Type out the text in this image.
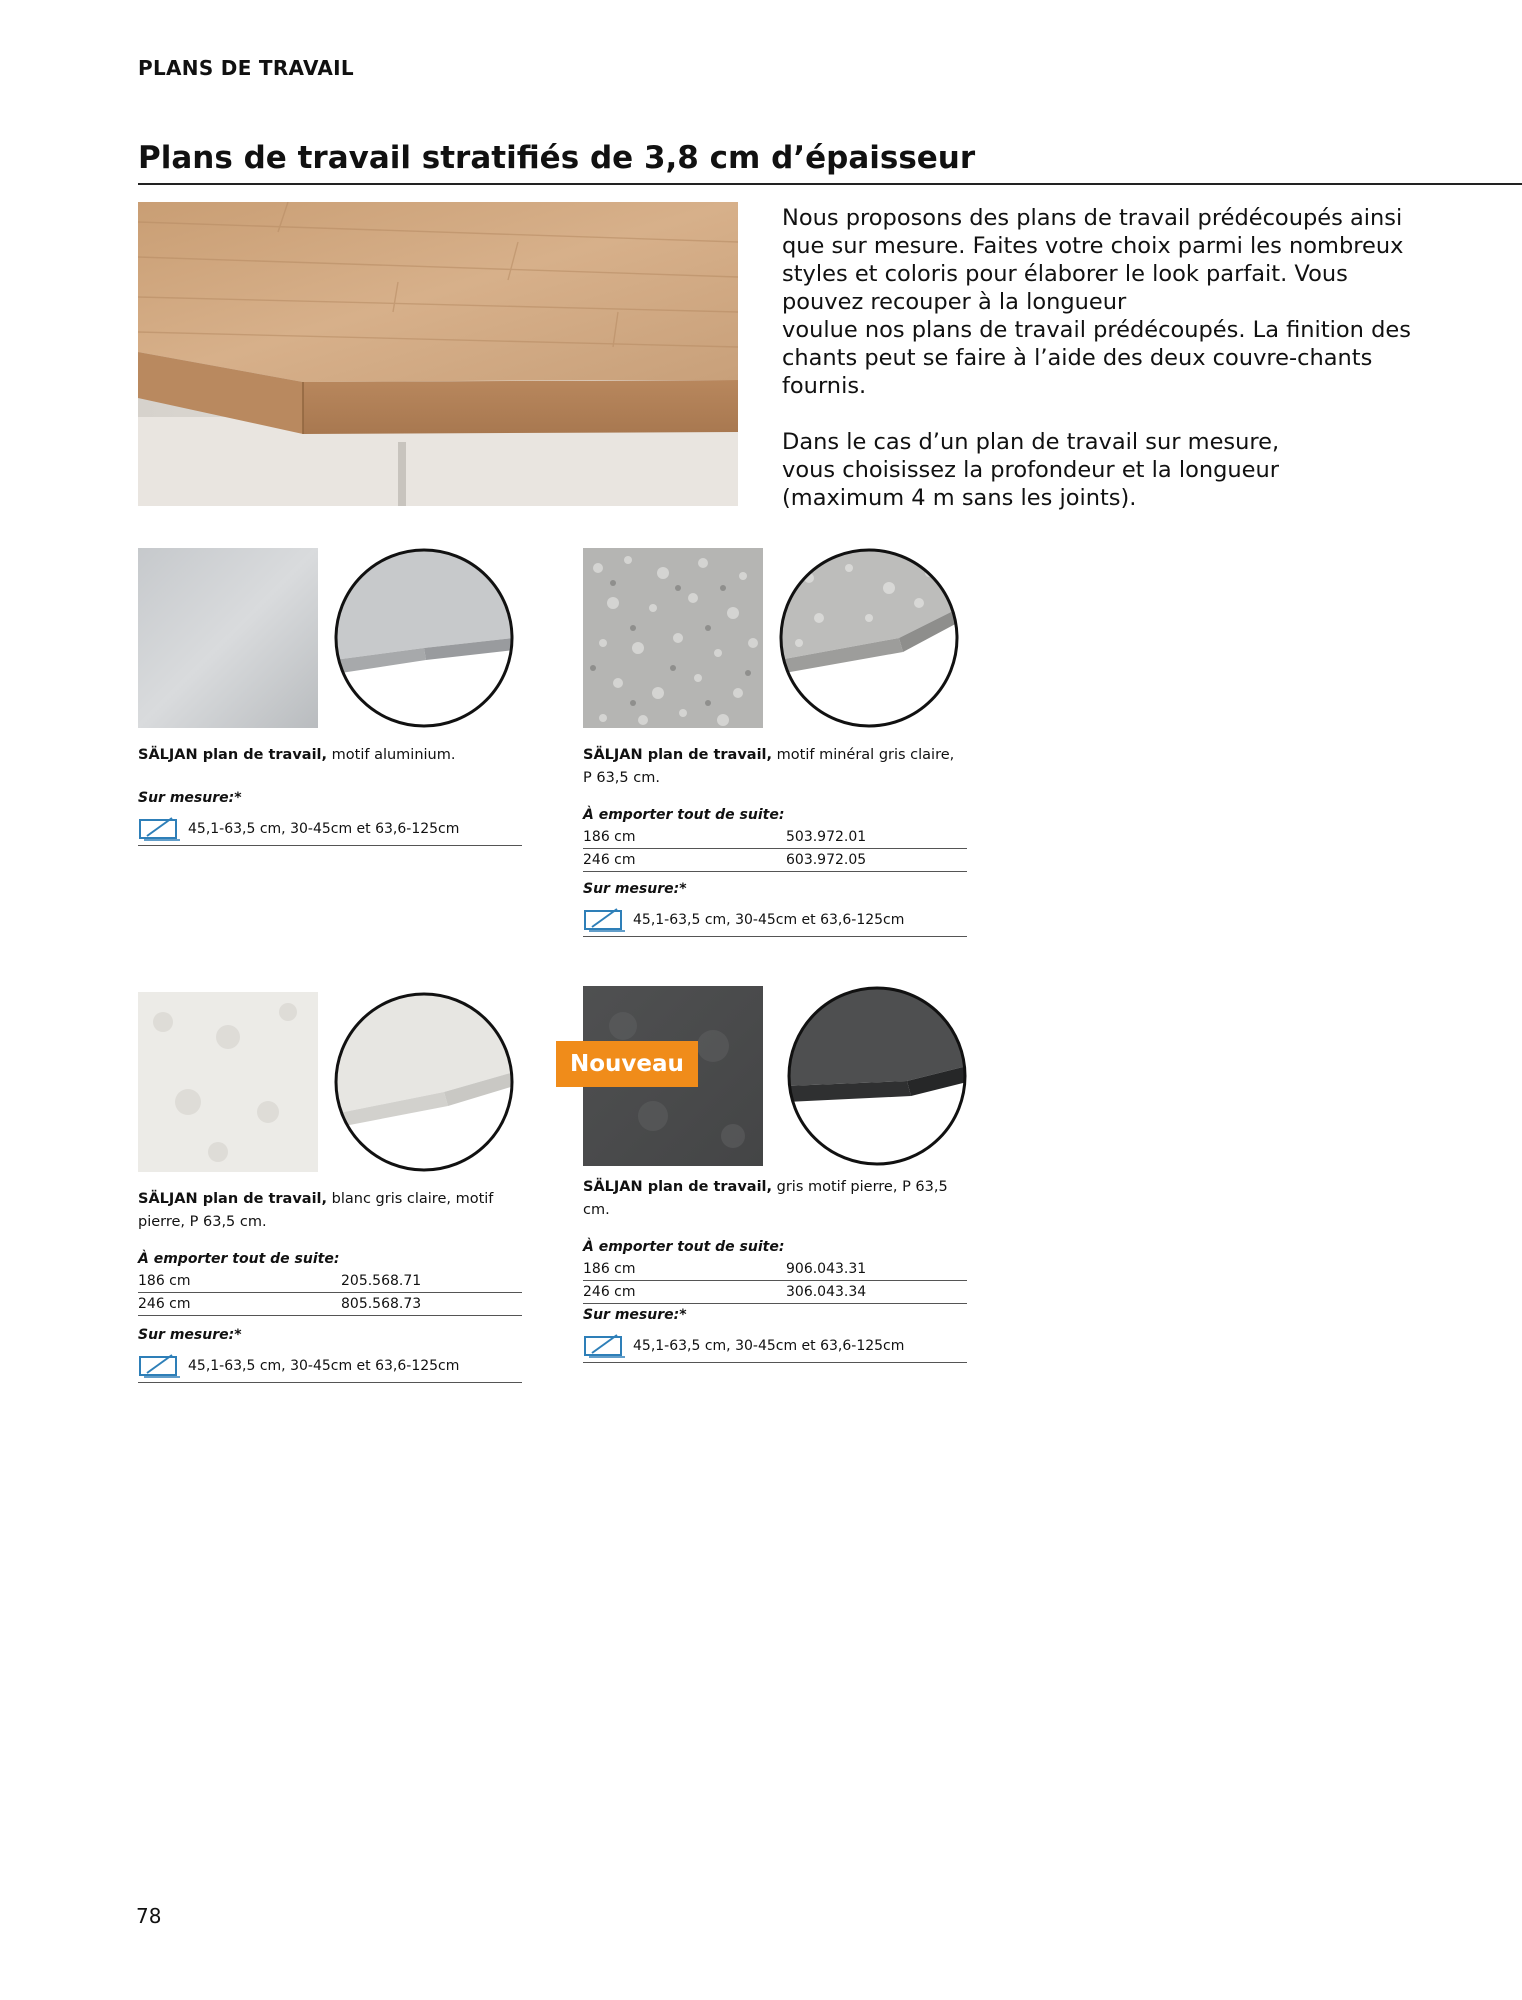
PLANS DE TRAVAIL
Plans de travail stratifiés de 3,8 cm d’épaisseur

Nous proposons des plans de travail prédécoupés ainsi
que sur mesure. Faites votre choix parmi les nombreux
styles et coloris pour élaborer le look parfait. Vous
pouvez recouper à la longueur
voulue nos plans de travail prédécoupés. La finition des
chants peut se faire à l’aide des deux couvre-chants
fournis.

Dans le cas d’un plan de travail sur mesure,
vous choisissez la profondeur et la longueur
(maximum 4 m sans les joints).

SÄLJAN plan de travail, motif aluminium.

Sur mesure:*
45,1-63,5 cm, 30-45cm et 63,6-125cm

SÄLJAN plan de travail, motif minéral gris claire, P 63,5 cm.

À emporter tout de suite:
186 cm	503.972.01
246 cm	603.972.05
Sur mesure:*
45,1-63,5 cm, 30-45cm et 63,6-125cm

SÄLJAN plan de travail, blanc gris claire, motif pierre, P 63,5 cm.

À emporter tout de suite:
186 cm	205.568.71
246 cm	805.568.73
Sur mesure:*
45,1-63,5 cm, 30-45cm et 63,6-125cm

SÄLJAN plan de travail, gris motif pierre, P 63,5 cm.

À emporter tout de suite:
186 cm	906.043.31
246 cm	306.043.34
Sur mesure:*
45,1-63,5 cm, 30-45cm et 63,6-125cm
Nouveau
78
